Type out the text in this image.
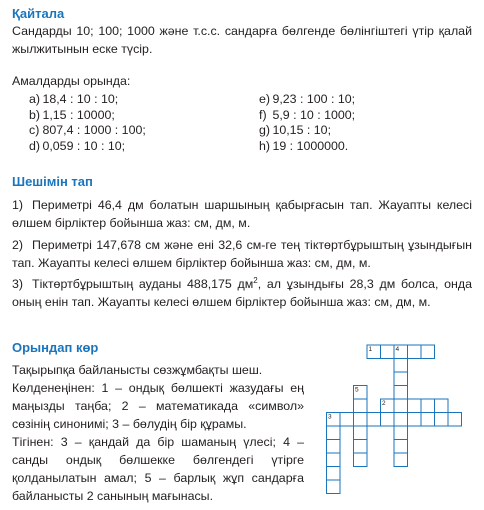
Қайтала
Сандарды 10; 100; 1000 және т.с.с. сандарға бөлгенде бөлінгіштегі үтір қалай жылжитынын еске түсір.
Амалдарды орында:
a) 18,4 : 10 : 10;
b) 1,15 : 10000;
c) 807,4 : 1000 : 100;
d) 0,059 : 10 : 10;
e) 9,23 : 100 : 10;
f) 5,9 : 10 : 1000;
g) 10,15 : 10;
h) 19 : 1000000.
Шешімін тап
1) Периметрі 46,4 дм болатын шаршының қабырғасын тап. Жауапты келесі өлшем бірліктер бойынша жаз: см, дм, м.
2) Периметрі 147,678 см және ені 32,6 см-ге тең тіктөртбұрыштың ұзындығын тап. Жауапты келесі өлшем бірліктер бойынша жаз: см, дм, м.
3) Тіктөртбұрыштың ауданы 488,175 $дм^2$, ал ұзындығы 28,3 дм болса, онда оның енін тап. Жауапты келесі өлшем бірліктер бойынша жаз: см, дм, м.
Орындап көр
Тақырыпқа байланысты сөзжұмбақты шеш.
Көлденеңінен: 1 – ондық бөлшекті жазудағы ең маңызды таңба; 2 – математикада «символ» сөзінің синонимі; 3 – бөлудің бір құрамы.
Тігінен: 3 – қандай да бір шаманың үлесі; 4 – санды ондық бөлшекке бөлгендегі үтірге қолданылатын амал; 5 – барлық жұп сандарға байланысты 2 санының мағынасы.
1	4
5
2
3
